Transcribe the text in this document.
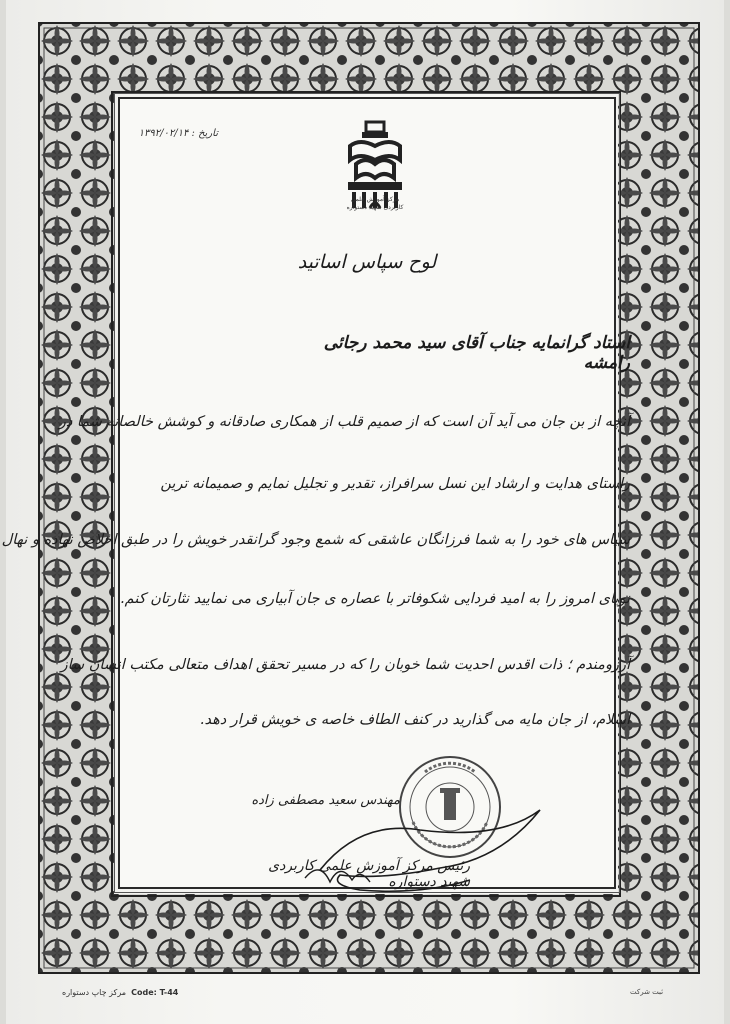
تاریخ : ۱۳۹۲/۰۲/۱۴
مرکز آموزش علمی کاربردی شهید دستواره
لوح سپاس اساتید
استاد گرانمایه جناب آقای سید محمد رجائی رامشه
آنچه از بن جان می آید آن است که از صمیم قلب از همکاری صادقانه و کوشش خالصانه شما در
راستای هدایت و ارشاد این نسل سرافراز، تقدیر و تجلیل نمایم و صمیمانه ترین
سپاس های خود را به شما فرزانگان عاشقی که شمع وجود گرانقدر خویش را در طبق اخلاص نهاده و نهال
نوپای امروز را به امید فردایی شکوفاتر با عصاره ی جان آبیاری می نمایید نثارتان کنم.
آرزومندم ؛ ذات اقدس احدیت شما خوبان را که در مسیر تحقق اهداف متعالی مکتب انسان ساز
اسلام، از جان مایه می گذارید در کنف الطاف خاصه ی خویش قرار دهد.
مهندس سعید مصطفی زاده
رئیس مرکز آموزش علمی کاربردی شهید دستواره
مرکز چاپ دستواره Code: T-44	ثبت شرکت
